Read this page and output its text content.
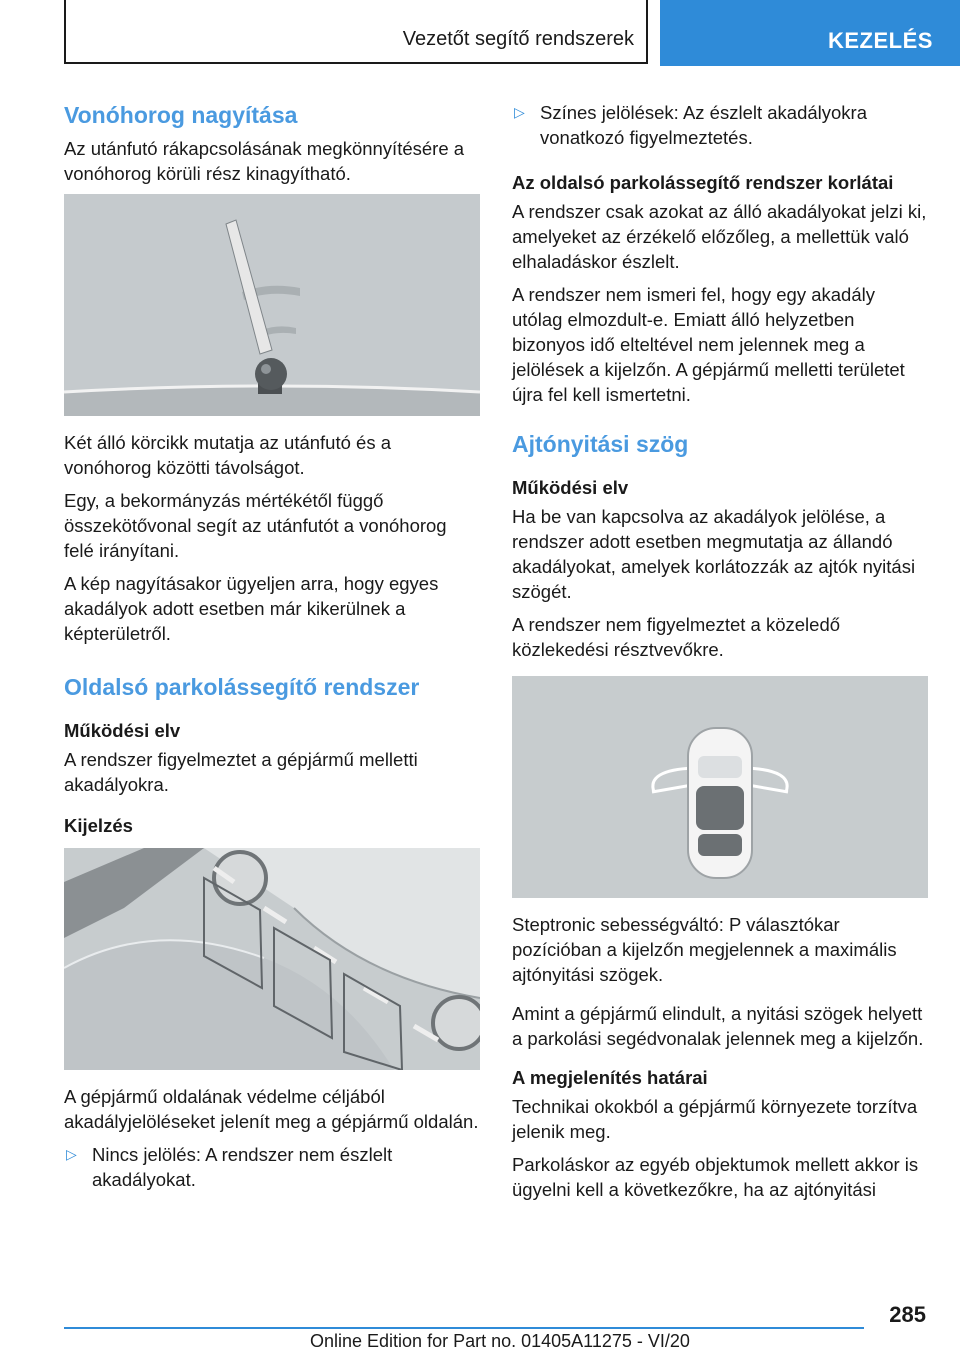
Vezetőt segítő rendszerek	KEZELÉS
Vonóhorog nagyítása

Az utánfutó rákapcsolásának megkönnyítésére a vonóhorog körüli rész kinagyítható.

Két álló körcikk mutatja az utánfutó és a vonóhorog közötti távolságot.

Egy, a bekormányzás mértékétől függő összekötővonal segít az utánfutót a vonóhorog felé irányítani.

A kép nagyításakor ügyeljen arra, hogy egyes akadályok adott esetben már kikerülnek a képterületről.

Oldalsó parkolássegítő rendszer
Működési elv

A rendszer figyelmeztet a gépjármű melletti akadályokra.

Kijelzés

A gépjármű oldalának védelme céljából akadályjelöléseket jelenít meg a gépjármű oldalán.

▷ Nincs jelölés: A rendszer nem észlelt akadályokat.
▷ Színes jelölések: Az észlelt akadályokra vonatkozó figyelmeztetés.
Az oldalsó parkolássegítő rendszer korlátai

A rendszer csak azokat az álló akadályokat jelzi ki, amelyeket az érzékelő előzőleg, a mellettük való elhaladáskor észlelt.

A rendszer nem ismeri fel, hogy egy akadály utólag elmozdult-e. Emiatt álló helyzetben bizonyos idő elteltével nem jelennek meg a jelölések a kijelzőn. A gépjármű melletti területet újra fel kell ismertetni.

Ajtónyitási szög
Működési elv

Ha be van kapcsolva az akadályok jelölése, a rendszer adott esetben megmutatja az állandó akadályokat, amelyek korlátozzák az ajtók nyitási szögét.

A rendszer nem figyelmeztet a közeledő közlekedési résztvevőkre.

Steptronic sebességváltó: P választókar pozícióban a kijelzőn megjelennek a maximális ajtónyitási szögek.

Amint a gépjármű elindult, a nyitási szögek helyett a parkolási segédvonalak jelennek meg a kijelzőn.

A megjelenítés határai

Technikai okokból a gépjármű környezete torzítva jelenik meg.

Parkoláskor az egyéb objektumok mellett akkor is ügyelni kell a következőkre, ha az ajtónyitási

285
Online Edition for Part no. 01405A11275 - VI/20
